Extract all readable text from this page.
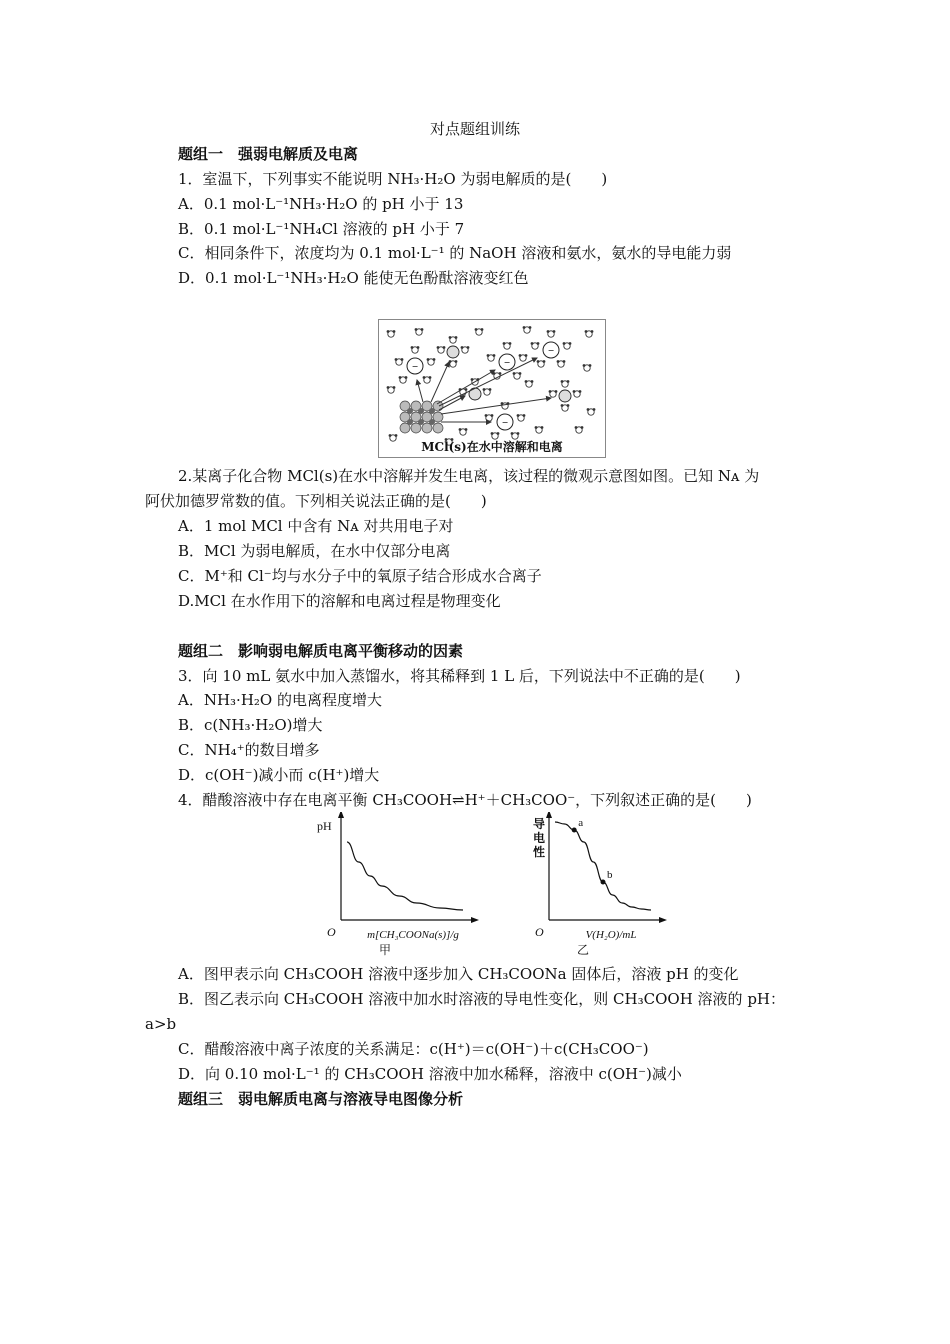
对点题组训练
题组一　 强弱电解质及电离
1．室温下，下列事实不能说明 NH₃·H₂O 为弱电解质的是(　　)
A．0.1 mol·L⁻¹NH₃·H₂O 的 pH 小于 13
B．0.1 mol·L⁻¹NH₄Cl 溶液的 pH 小于 7
C．相同条件下，浓度均为 0.1 mol·L⁻¹ 的 NaOH 溶液和氨水，氨水的导电能力弱
D．0.1 mol·L⁻¹NH₃·H₂O 能使无色酚酞溶液变红色
−	−
−
−
MCl(s)在水中溶解和电离
2.某离子化合物 MCl(s)在水中溶解并发生电离，该过程的微观示意图如图。已知 Nᴀ 为
阿伏加德罗常数的值。下列相关说法正确的是(　　)
A．1 mol MCl 中含有 Nᴀ 对共用电子对
B．MCl 为弱电解质，在水中仅部分电离
C．M⁺和 Cl⁻均与水分子中的氧原子结合形成水合离子
D.MCl 在水作用下的溶解和电离过程是物理变化
题组二　 影响弱电解质电离平衡移动的因素
3．向 10 mL 氨水中加入蒸馏水，将其稀释到 1 L 后，下列说法中不正确的是(　　)
A．NH₃·H₂O 的电离程度增大
B．c(NH₃·H₂O)增大
C．NH₄⁺的数目增多
D．c(OH⁻)减小而 c(H⁺)增大
4．醋酸溶液中存在电离平衡 CH₃COOH⇌H⁺＋CH₃COO⁻，下列叙述正确的是(　　)
O
pH
m[CH₃COONa(s)]/g
甲
a
b
O
导
电
性
V(H₂O)/mL
乙
A．图甲表示向 CH₃COOH 溶液中逐步加入 CH₃COONa 固体后，溶液 pH 的变化
B．图乙表示向 CH₃COOH 溶液中加水时溶液的导电性变化，则 CH₃COOH 溶液的 pH：
a>b
C．醋酸溶液中离子浓度的关系满足：c(H⁺)＝c(OH⁻)＋c(CH₃COO⁻)
D．向 0.10 mol·L⁻¹ 的 CH₃COOH 溶液中加水稀释，溶液中 c(OH⁻)减小
题组三　 弱电解质电离与溶液导电图像分析
